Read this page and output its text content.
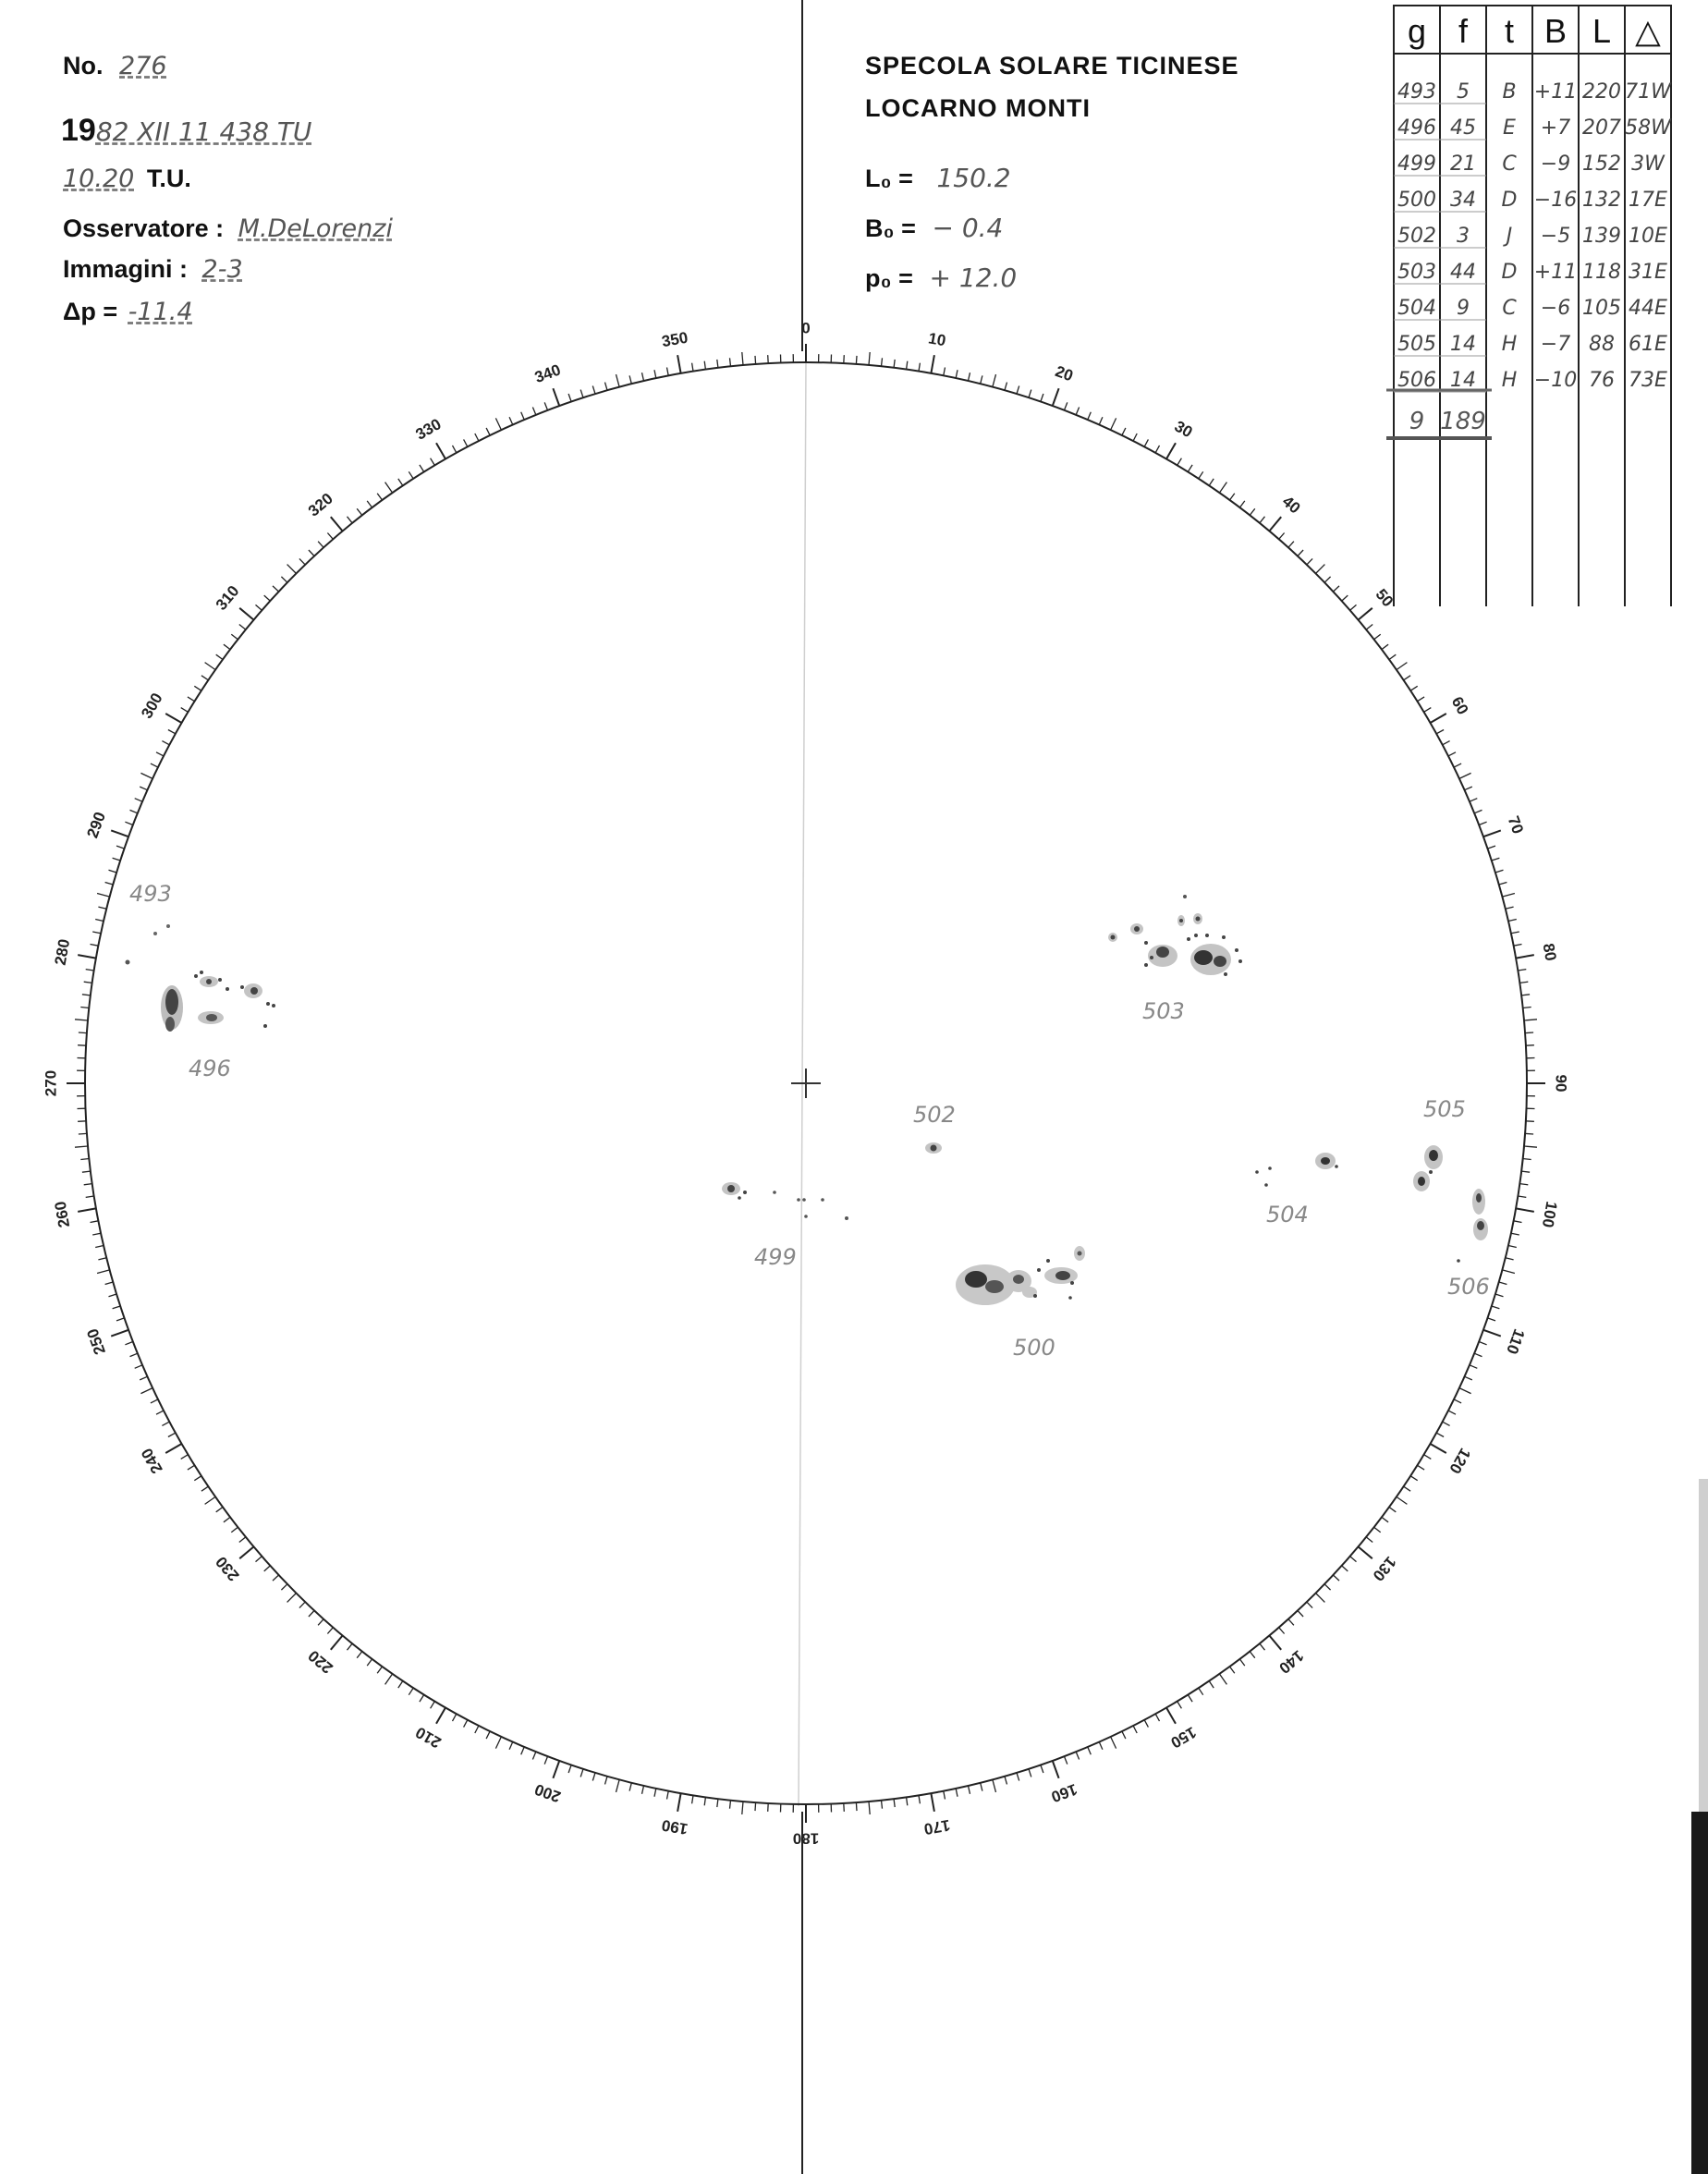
No. 276
1982 XII 11 438 TU
10.20 T.U.
Osservatore : M.DeLorenzi
Immagini : 2-3
Δp = -11.4
SPECOLA SOLARE TICINESE
LOCARNO MONTI
L₀ = 150.2
B₀ = − 0.4
p₀ = + 12.0
0
10
20
30
40
50
60
70
80
90
100
110
120
130
140
150
160
170
180
190
200
210
220
230
240
250
260
270
280
290
300
310
320
330
340
350
493
496
499
500
502
503
504
505
506
g f t B L △
493 5 B +11 220 71W
496 45 E +7 207 58W
499 21 C −9 152 3W
500 34 D −16 132 17E
502 3 J −5 139 10E
503 44 D +11 118 31E
504 9 C −6 105 44E
505 14 H −7 88 61E
506 14 H −10 76 73E
9 189
